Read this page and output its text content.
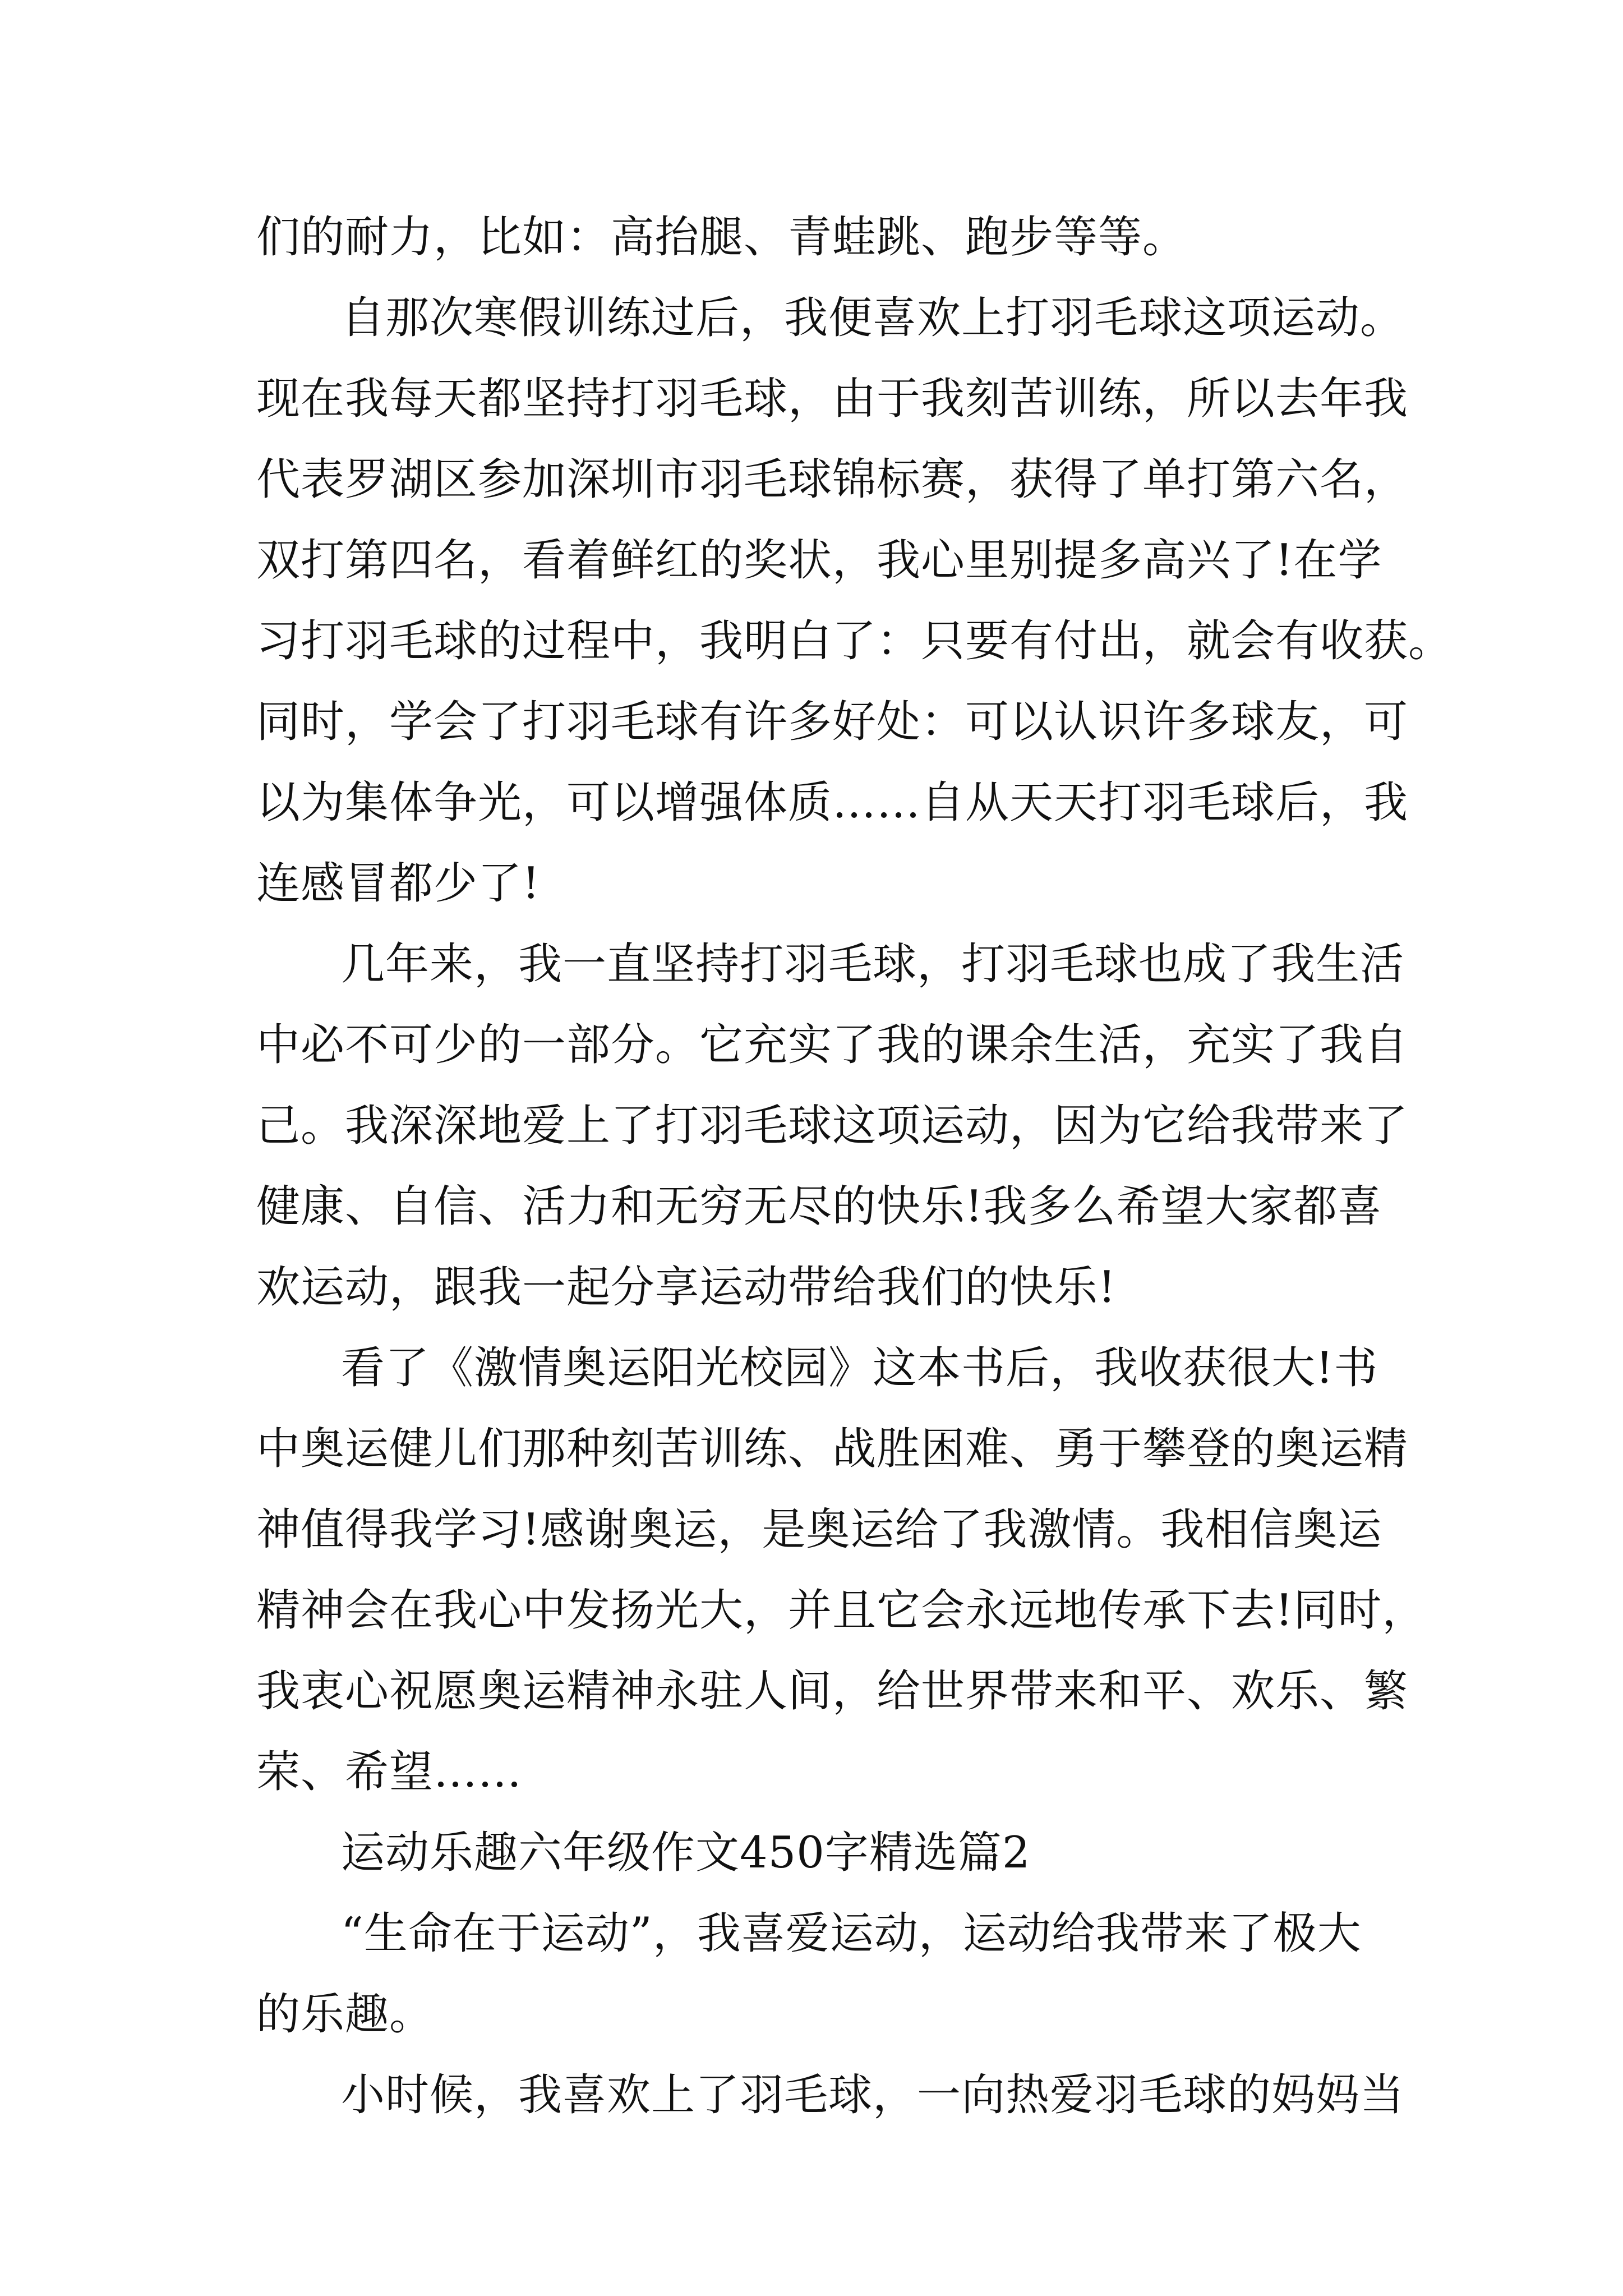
们的耐力，比如：高抬腿、青蛙跳、跑步等等。
自那次寒假训练过后，我便喜欢上打羽毛球这项运动。
现在我每天都坚持打羽毛球，由于我刻苦训练，所以去年我
代表罗湖区参加深圳市羽毛球锦标赛，获得了单打第六名，
双打第四名，看着鲜红的奖状，我心里别提多高兴了!在学
习打羽毛球的过程中，我明白了：只要有付出，就会有收获。
同时，学会了打羽毛球有许多好处：可以认识许多球友，可
以为集体争光，可以增强体质……自从天天打羽毛球后，我
连感冒都少了!
几年来，我一直坚持打羽毛球，打羽毛球也成了我生活
中必不可少的一部分。它充实了我的课余生活，充实了我自
己。我深深地爱上了打羽毛球这项运动，因为它给我带来了
健康、自信、活力和无穷无尽的快乐!我多么希望大家都喜
欢运动，跟我一起分享运动带给我们的快乐!
看了《激情奥运阳光校园》这本书后，我收获很大!书
中奥运健儿们那种刻苦训练、战胜困难、勇于攀登的奥运精
神值得我学习!感谢奥运，是奥运给了我激情。我相信奥运
精神会在我心中发扬光大，并且它会永远地传承下去!同时，
我衷心祝愿奥运精神永驻人间，给世界带来和平、欢乐、繁
荣、希望……
运动乐趣六年级作文450字精选篇2
“生命在于运动”，我喜爱运动，运动给我带来了极大
的乐趣。
小时候，我喜欢上了羽毛球，一向热爱羽毛球的妈妈当
